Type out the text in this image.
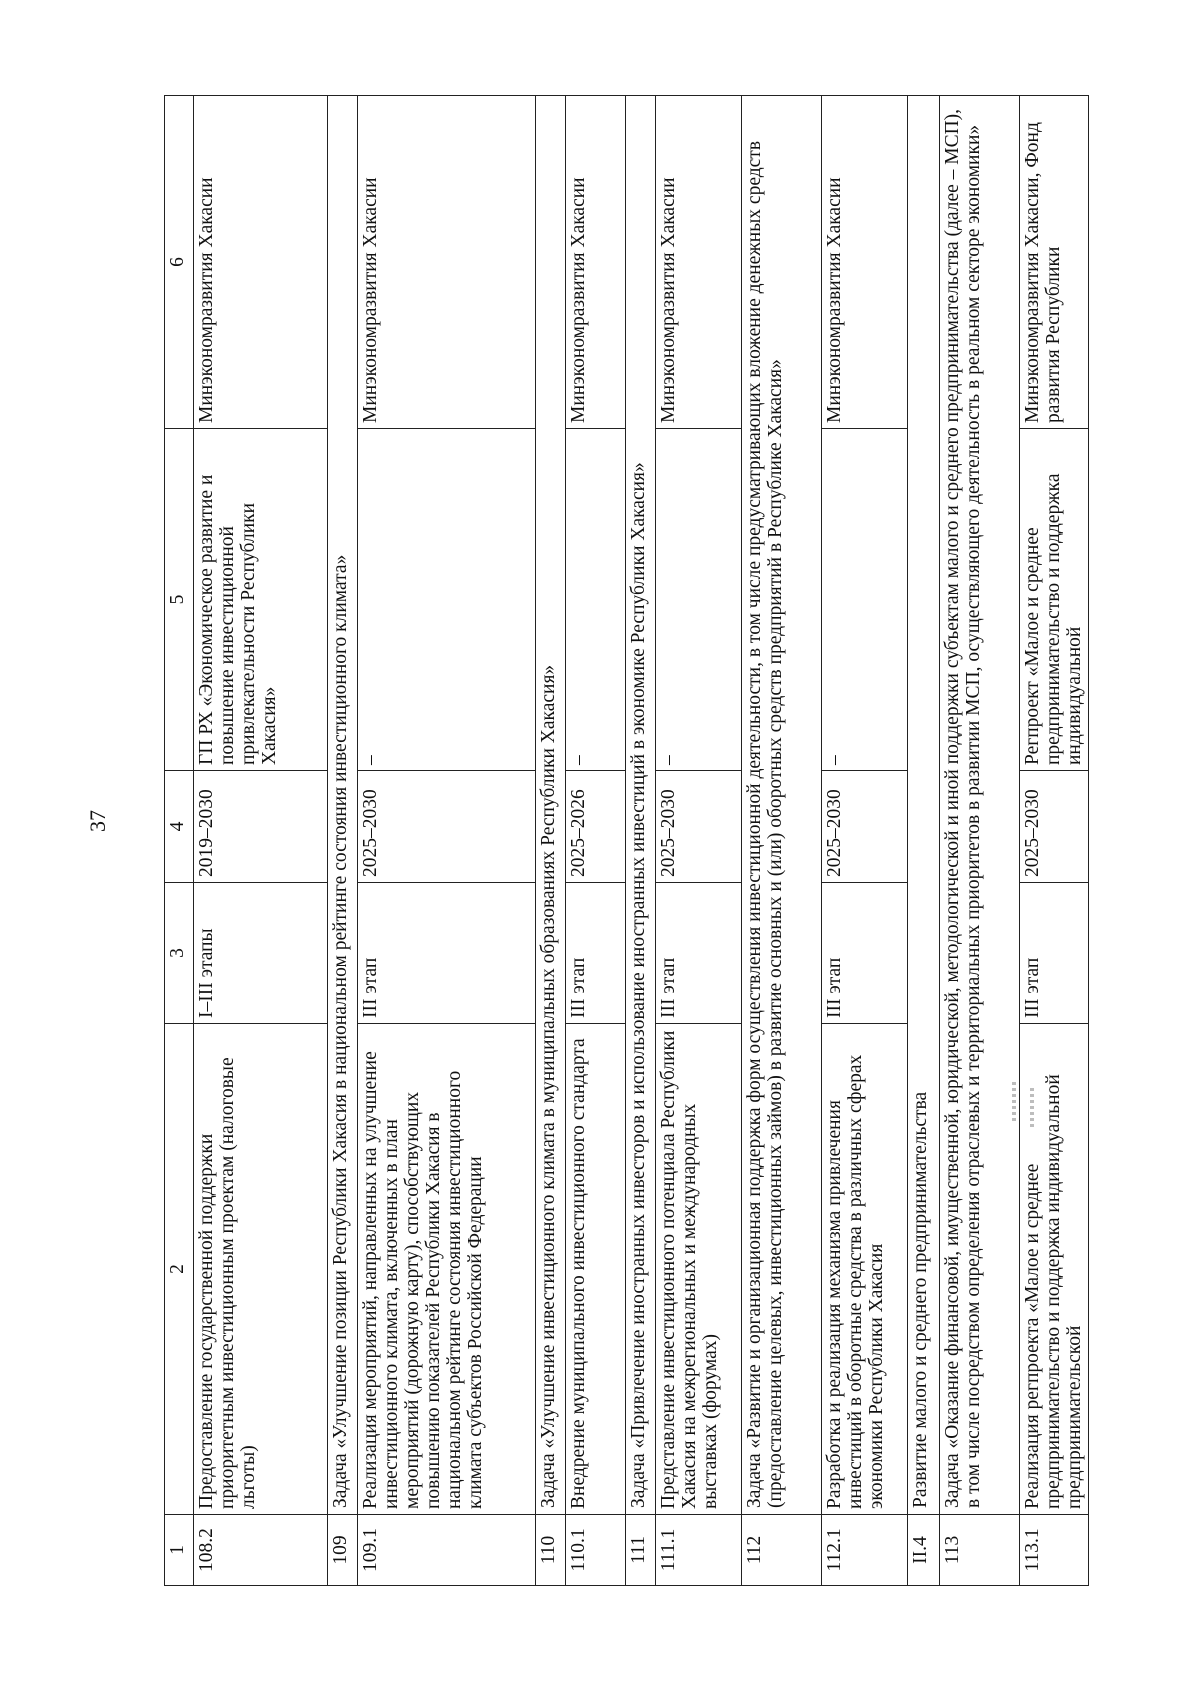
37
1	2	3	4	5	6
108.2	Предоставление государственной поддержки приоритетным инвестиционным проектам (налоговые льготы)	I–III этапы	2019–2030	ГП РХ «Экономическое развитие и повышение инвестиционной привлекательности Республики Хакасия»	Минэкономразвития Хакасии
109	Задача «Улучшение позиции Республики Хакасия в национальном рейтинге состояния инвестиционного климата»				
109.1	Реализация мероприятий, направленных на улучшение инвестиционного климата, включенных в план мероприятий (дорожную карту), способствующих повышению показателей Республики Хакасия в национальном рейтинге состояния инвестиционного климата субъектов Российской Федерации	III этап	2025–2030	–	Минэкономразвития Хакасии
110	Задача «Улучшение инвестиционного климата в муниципальных образованиях Республики Хакасия»				
110.1	Внедрение муниципального инвестиционного стандарта	III этап	2025–2026	–	Минэкономразвития Хакасии
111	Задача «Привлечение иностранных инвесторов и использование иностранных инвестиций в экономике Республики Хакасия»				
111.1	Представление инвестиционного потенциала Республики Хакасия на межрегиональных и международных выставках (форумах)	III этап	2025–2030	–	Минэкономразвития Хакасии
112	Задача «Развитие и организационная поддержка форм осуществления инвестиционной деятельности, в том числе предусматривающих вложение денежных средств (предоставление целевых, инвестиционных займов) в развитие основных и (или) оборотных средств предприятий в Республике Хакасия»				
112.1	Разработка и реализация механизма привлечения инвестиций в оборотные средства в различных сферах экономики Республики Хакасия	III этап	2025–2030	–	Минэкономразвития Хакасии
II.4	Развитие малого и среднего предпринимательства				
113	Задача «Оказание финансовой, имущественной, юридической, методологической и иной поддержки субъектам малого и среднего предпринимательства (далее – МСП), в том числе посредством определения отраслевых и территориальных приоритетов в развитии МСП, осуществляющего деятельность в реальном секторе экономики»				
113.1	Реализация регпроекта «Малое и среднее предпринимательство и поддержка индивидуальной предпринимательской	III этап	2025–2030	Регпроект «Малое и среднее предпринимательство и поддержка индивидуальной	Минэкономразвития Хакасии, Фонд развития Республики
